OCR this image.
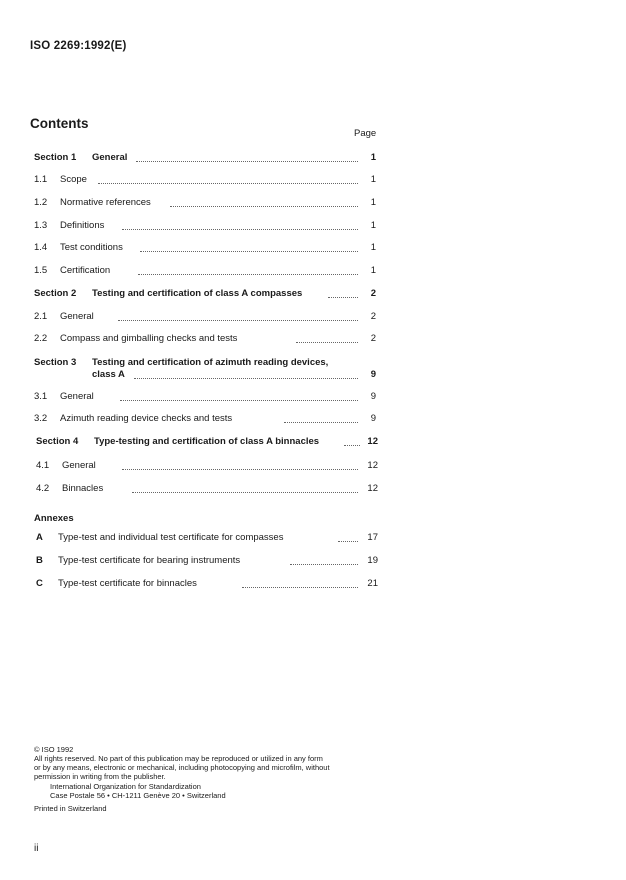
ISO 2269:1992(E)
Contents
Page
Section 1 General	1
1.1	Scope	1
1.2	Normative references	1
1.3	Definitions	1
1.4	Test conditions	1
1.5	Certification	1
Section 2 Testing and certification of class A compasses	2
2.1	General	2
2.2	Compass and gimballing checks and tests	2
Section 3 Testing and certification of azimuth reading devices,
class A	9
3.1	General	9
3.2	Azimuth reading device checks and tests	9
Section 4 Type-testing and certification of class A binnacles	12
4.1	General	12
4.2	Binnacles	12
Annexes
A	Type-test and individual test certificate for compasses	17
B	Type-test certificate for bearing instruments	19
C	Type-test certificate for binnacles	21
© ISO 1992
All rights reserved. No part of this publication may be reproduced or utilized in any form
or by any means, electronic or mechanical, including photocopying and microfilm, without
permission in writing from the publisher.
International Organization for Standardization
Case Postale 56 • CH-1211 Genève 20 • Switzerland
Printed in Switzerland
ii
